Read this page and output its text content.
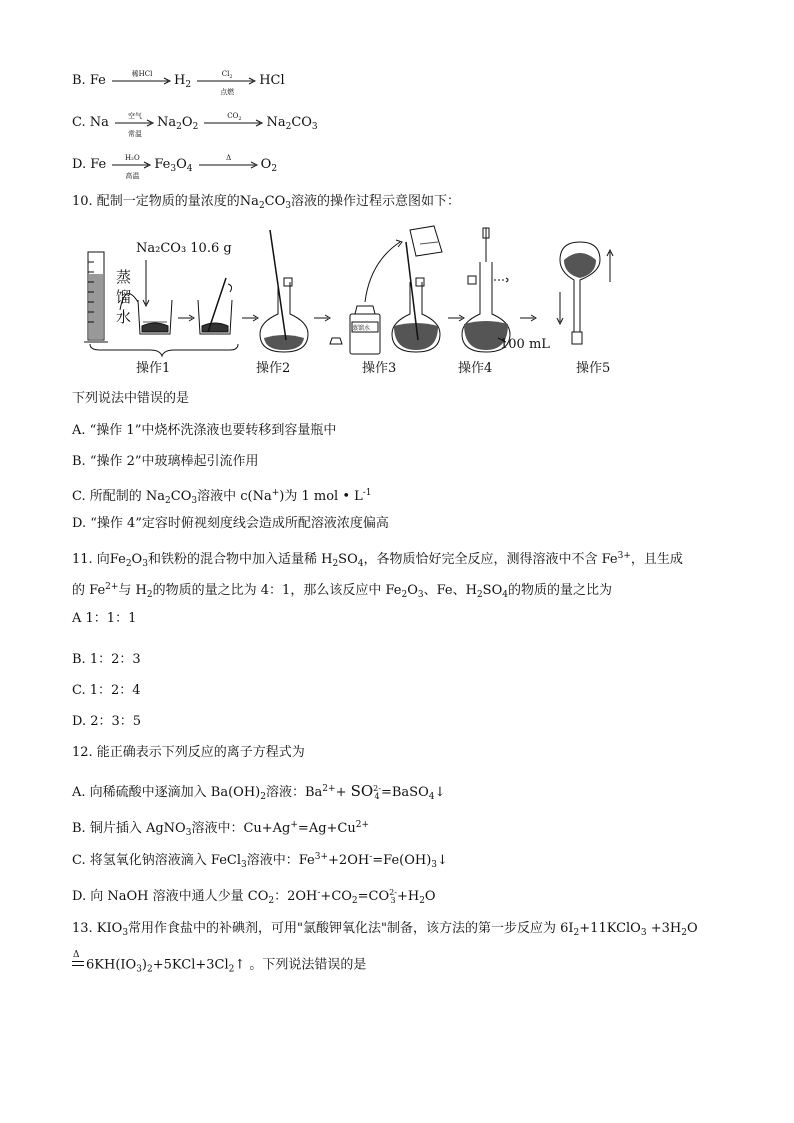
B. Fe	稀HCl	$H_2$
$Cl_2$
点燃
HCl
C. Na	空气
常温
$Na_2O_2$
$CO_2$	$Na_2CO_3$
D. Fe	H₂O
高温
$Fe_3O_4$
Δ	$O_2$
10. 配制一定物质的量浓度的$Na_2CO_3$溶液的操作过程示意图如下：
Na₂CO₃ 10.6 g
蒸
馏
水
蒸馏水
100 mL
操作1	操作2	操作3	操作4	操作5
下列说法中错误的是
A. “操作 1”中烧杯洗涤液也要转移到容量瓶中
B. “操作 2”中玻璃棒起引流作用
C. 所配制的 $Na_2CO_3$溶液中 c(Na+)为 1 mol • $L^{-1}$
D. “操作 4”定容时俯视刻度线会造成所配溶液浓度偏高
11. 向$Fe_2O_3$和铁粉的混合物中加入适量稀 $H_2SO_4$，各物质恰好完全反应，测得溶液中不含 $Fe^{3+}$，且生成
的 $Fe^{2+}$与 $H_2$的物质的量之比为 4：1，那么该反应中 $Fe_2O_3$、Fe、$H_2SO_4$的物质的量之比为
A 1：1：1
B. 1：2：3
C. 1：2：4
D. 2：3：5
12. 能正确表示下列反应的离子方程式为
A. 向稀硫酸中逐滴加入 $Ba(OH)_2$溶液：$Ba^{2+}+$ SO 2-
4 =BaSO$_4$↓
B. 铜片插入 AgNO$_3$溶液中：$Cu+Ag^+=Ag+Cu^{2+}$
C. 将氢氧化钠溶液滴入 FeCl$_3$溶液中：$Fe^{3+}+2OH^-=Fe(OH)_3↓$
D. 向 NaOH 溶液中通人少量 $CO_2$：$2OH^-+CO_2=CO$ 2-
$3 +H_2O$
13. $KIO_3$常用作食盐中的补碘剂，可用"氯酸钾氧化法"制备，该方法的第一步反应为 $6I_2+11KClO_3 +3H_2O$
Δ
$6KH(IO_3)_2+5KCl+3Cl_2↑$ 。下列说法错误的是
